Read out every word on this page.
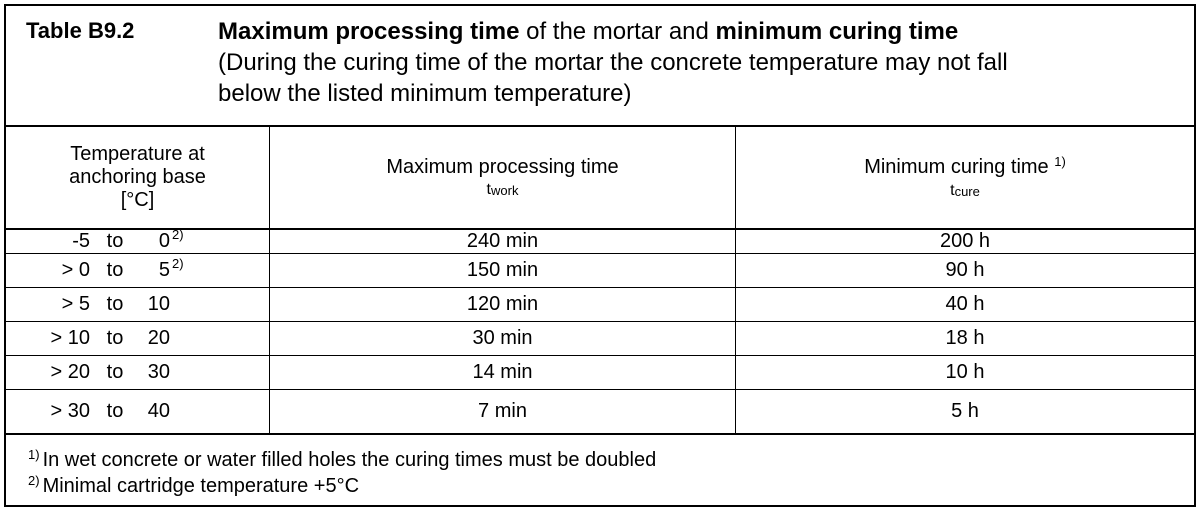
Table B9.2	Maximum processing time of the mortar and minimum curing time
(During the curing time of the mortar the concrete temperature may not fall
below the listed minimum temperature)
Temperature at
anchoring base
[°C]
Maximum processing time
$t_{work}$
Minimum curing time $^{1)}$
$t_{cure}$
-5 to	0 2)	240 min	200 h
> 0 to	5 2)	150 min	90 h
> 5 to	10	120 min	40 h
> 10 to	20	30 min	18 h
> 20 to	30	14 min	10 h
> 30 to	40	7 min	5 h
$^{1)}$ In wet concrete or water filled holes the curing times must be doubled
$^{2)}$ Minimal cartridge temperature +5°C
